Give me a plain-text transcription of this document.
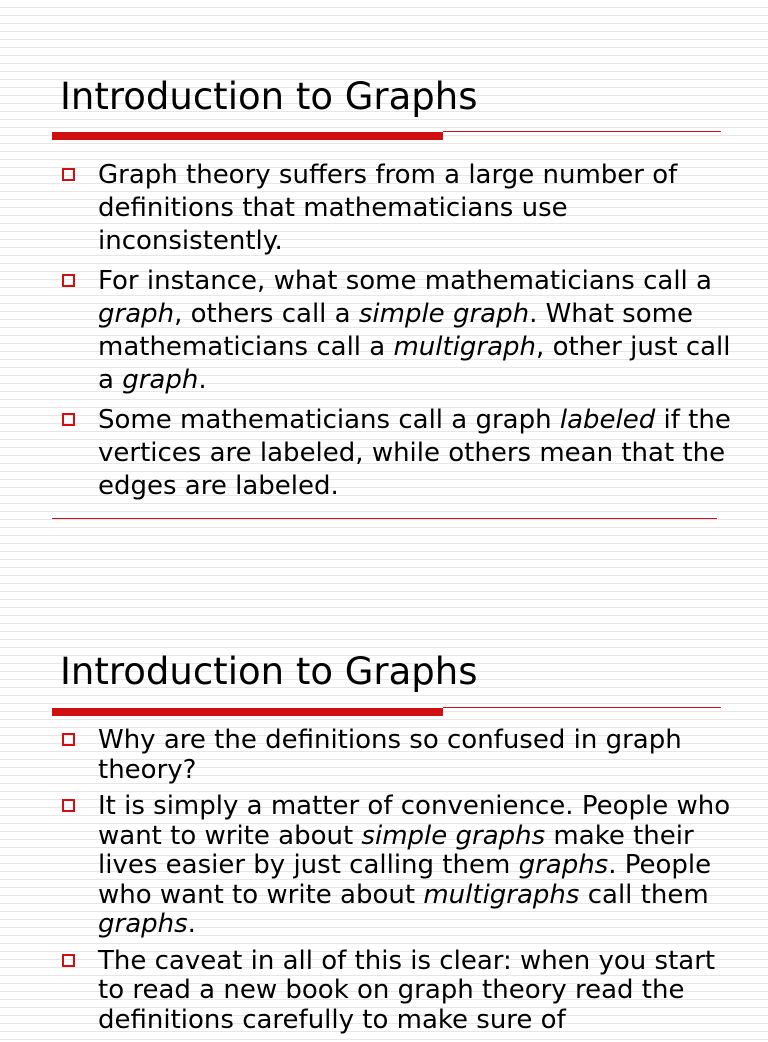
Introduction to Graphs
Graph theory suffers from a large number of definitions that mathematicians use inconsistently.
For instance, what some mathematicians call a graph, others call a simple graph. What some mathematicians call a multigraph, other just call a graph.
Some mathematicians call a graph labeled if the vertices are labeled, while others mean that the edges are labeled.
Introduction to Graphs
Why are the definitions so confused in graph theory?
It is simply a matter of convenience. People who want to write about simple graphs make their lives easier by just calling them graphs. People who want to write about multigraphs call them graphs.
The caveat in all of this is clear: when you start to read a new book on graph theory read the definitions carefully to make sure of
